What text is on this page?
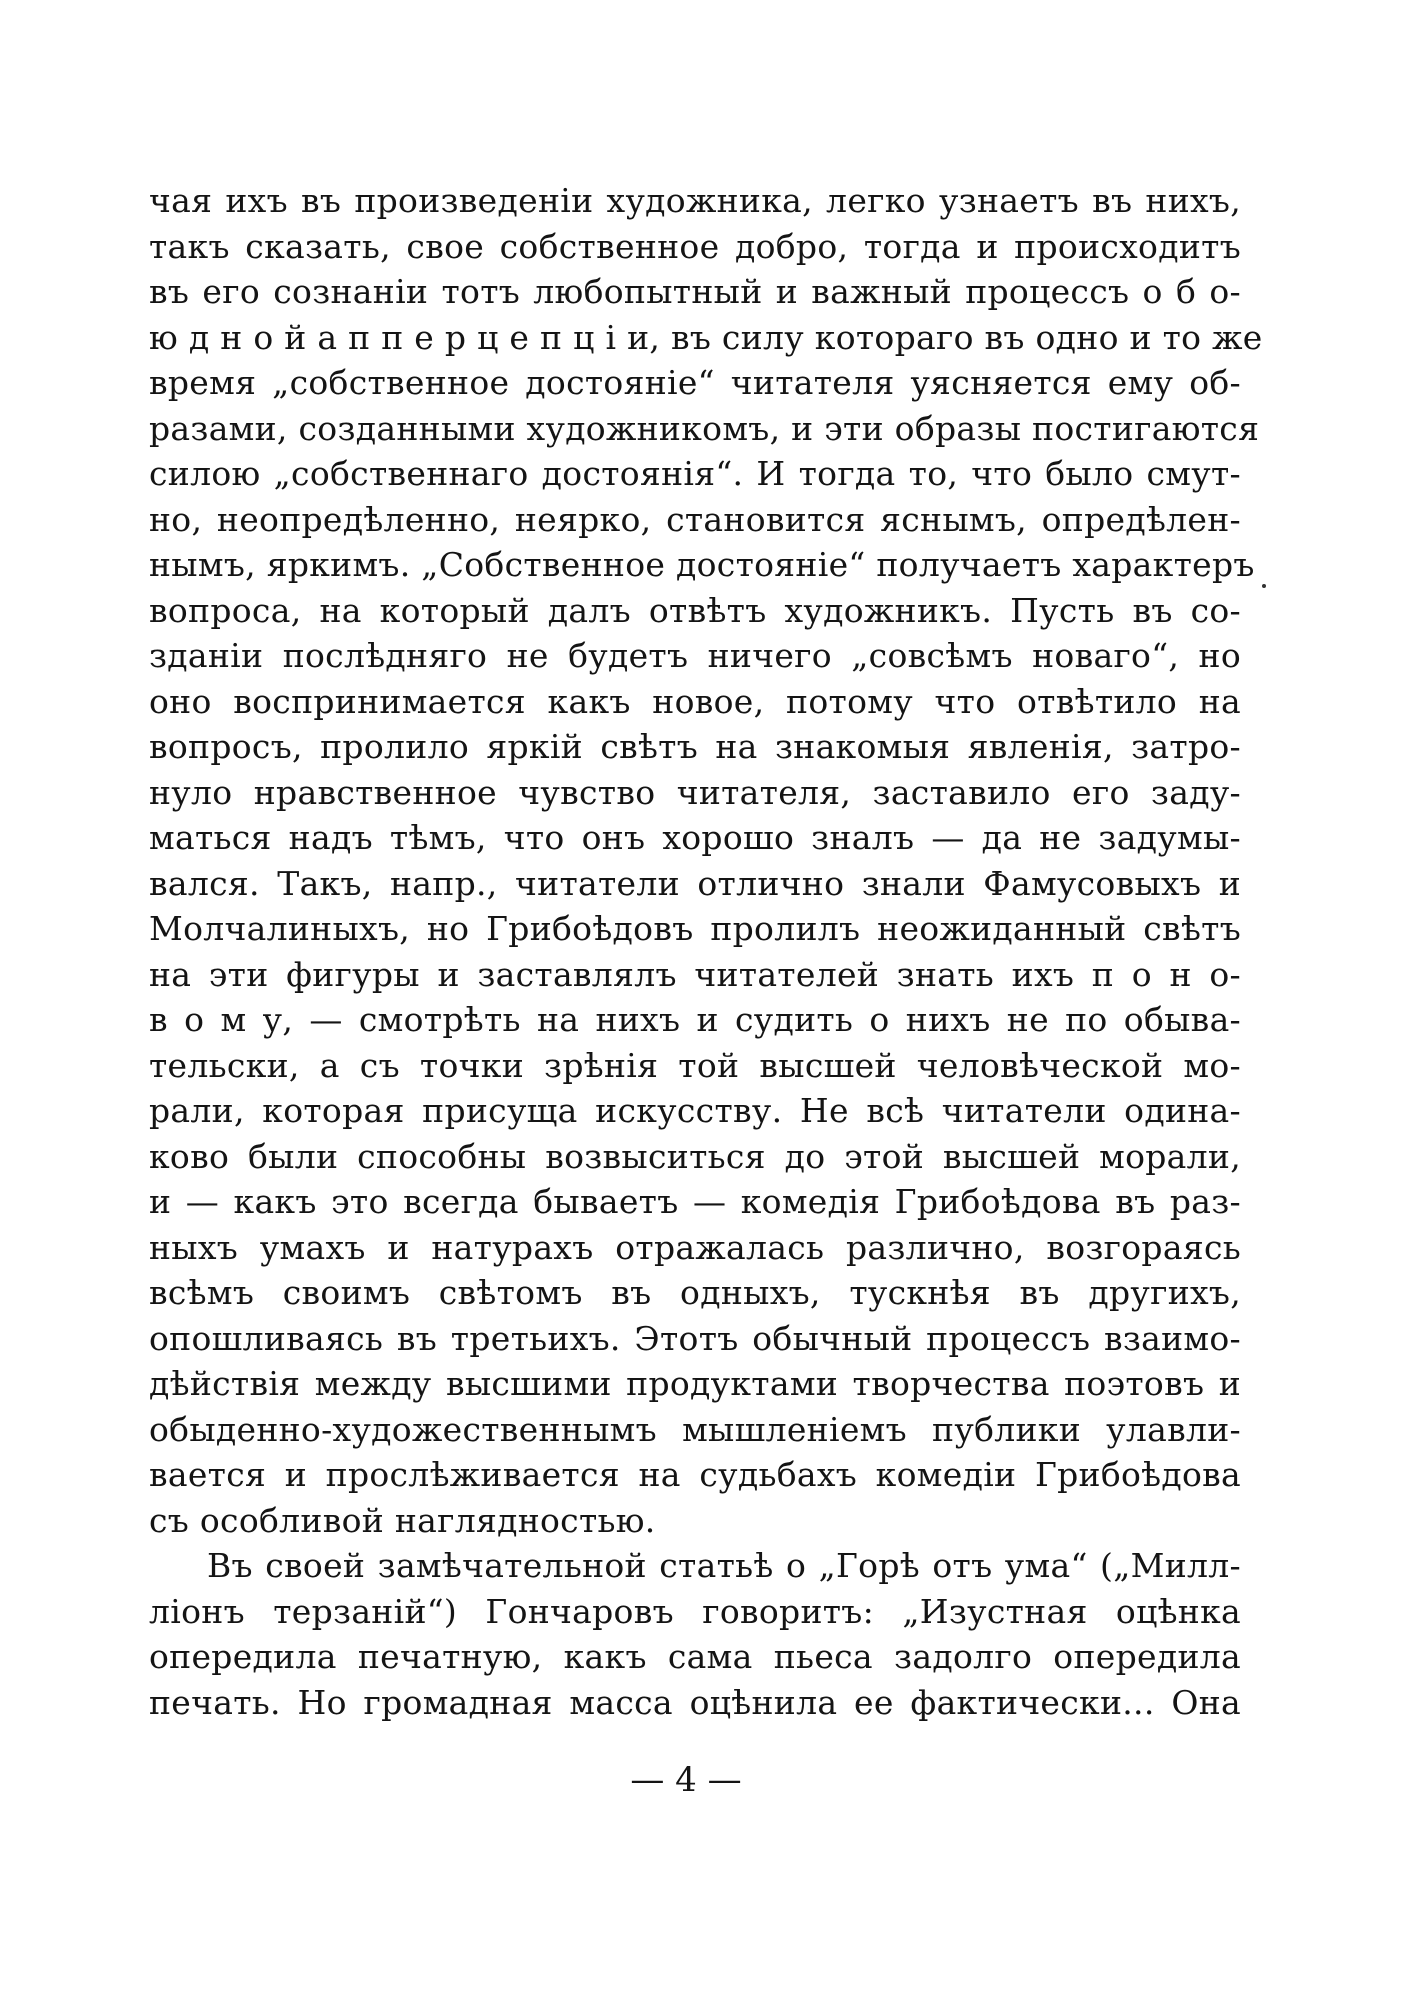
чая ихъ въ произведеніи художника, легко узнаетъ въ нихъ,
такъ сказать, свое собственное добро, тогда и происходитъ
въ его сознаніи тотъ любопытный и важный процессъ о б о-
ю д н о й а п п е р ц е п ц і и, въ силу котораго въ одно и то же
время „собственное достояніе“ читателя уясняется ему об-
разами, созданными художникомъ, и эти образы постигаются
силою „собственнаго достоянія“. И тогда то, что было смут-
но, неопредѣленно, неярко, становится яснымъ, опредѣлен-
нымъ, яркимъ. „Собственное достояніе“ получаетъ характеръ
вопроса, на который далъ отвѣтъ художникъ. Пусть въ со-
зданіи послѣдняго не будетъ ничего „совсѣмъ новаго“, но
оно воспринимается какъ новое, потому что отвѣтило на
вопросъ, пролило яркій свѣтъ на знакомыя явленія, затро-
нуло нравственное чувство читателя, заставило его заду-
маться надъ тѣмъ, что онъ хорошо зналъ — да не задумы-
вался. Такъ, напр., читатели отлично знали Фамусовыхъ и
Молчалиныхъ, но Грибоѣдовъ пролилъ неожиданный свѣтъ
на эти фигуры и заставлялъ читателей знать ихъ п о н о-
в о м у, — смотрѣть на нихъ и судить о нихъ не по обыва-
тельски, а съ точки зрѣнія той высшей человѣческой мо-
рали, которая присуща искусству. Не всѣ читатели одина-
ково были способны возвыситься до этой высшей морали,
и — какъ это всегда бываетъ — комедія Грибоѣдова въ раз-
ныхъ умахъ и натурахъ отражалась различно, возгораясь
всѣмъ своимъ свѣтомъ въ одныхъ, тускнѣя въ другихъ,
опошливаясь въ третьихъ. Этотъ обычный процессъ взаимо-
дѣйствія между высшими продуктами творчества поэтовъ и
обыденно-художественнымъ мышленіемъ публики улавли-
вается и прослѣживается на судьбахъ комедіи Грибоѣдова
съ особливой наглядностью.
Въ своей замѣчательной статьѣ о „Горѣ отъ ума“ („Милл-
ліонъ терзаній“) Гончаровъ говоритъ: „Изустная оцѣнка
опередила печатную, какъ сама пьеса задолго опередила
печать. Но громадная масса оцѣнила ее фактически... Она
— 4 —
